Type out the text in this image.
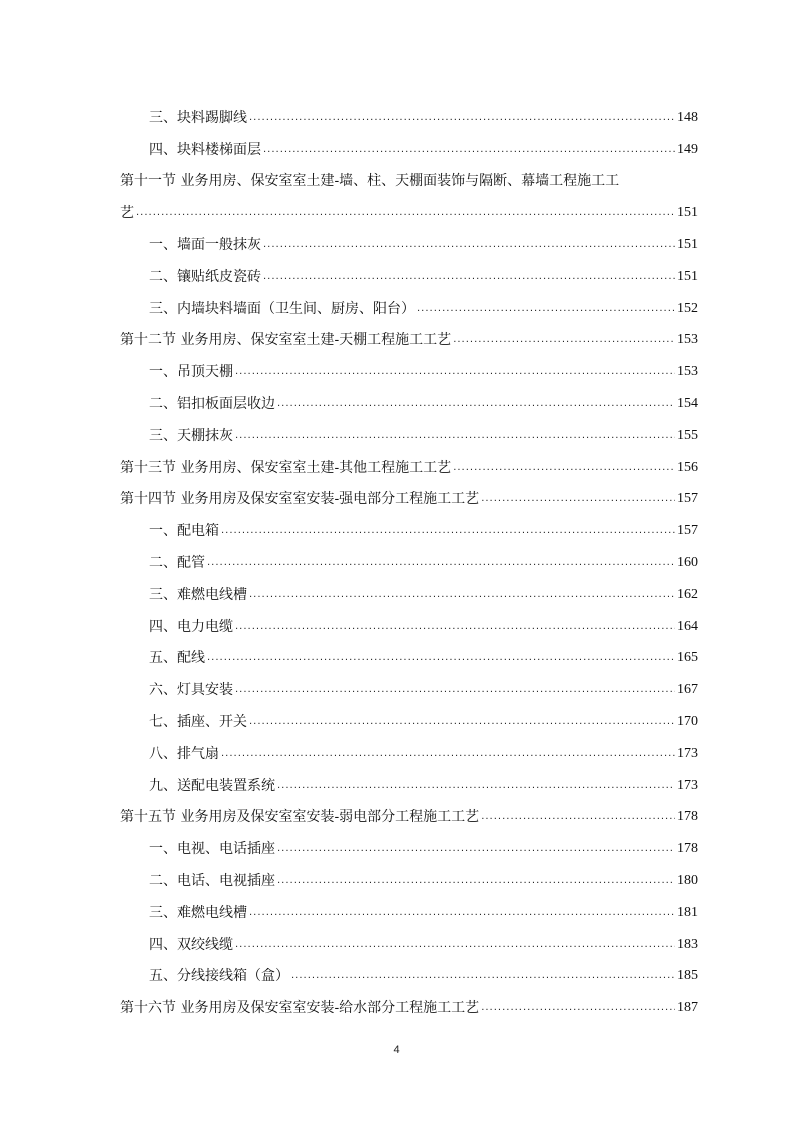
三、块料踢脚线 .....	148
四、块料楼梯面层 .....	149
第十一节 业务用房、保安室室土建-墙、柱、天棚面装饰与隔断、幕墙工程施工工
艺 .....	151
一、墙面一般抹灰 .....	151
二、镶贴纸皮瓷砖 .....	151
三、内墙块料墙面（卫生间、厨房、阳台） .....	152
第十二节 业务用房、保安室室土建-天棚工程施工工艺 .....	153
一、吊顶天棚 .....	153
二、铝扣板面层收边 .....	154
三、天棚抹灰 .....	155
第十三节 业务用房、保安室室土建-其他工程施工工艺 .....	156
第十四节 业务用房及保安室室安装-强电部分工程施工工艺 .....	157
一、配电箱 .....	157
二、配管 .....	160
三、难燃电线槽 .....	162
四、电力电缆 .....	164
五、配线 .....	165
六、灯具安装 .....	167
七、插座、开关 .....	170
八、排气扇 .....	173
九、送配电装置系统 .....	173
第十五节 业务用房及保安室室安装-弱电部分工程施工工艺 .....	178
一、电视、电话插座 .....	178
二、电话、电视插座 .....	180
三、难燃电线槽 .....	181
四、双绞线缆 .....	183
五、分线接线箱（盒） .....	185
第十六节 业务用房及保安室室安装-给水部分工程施工工艺 .....	187
4
